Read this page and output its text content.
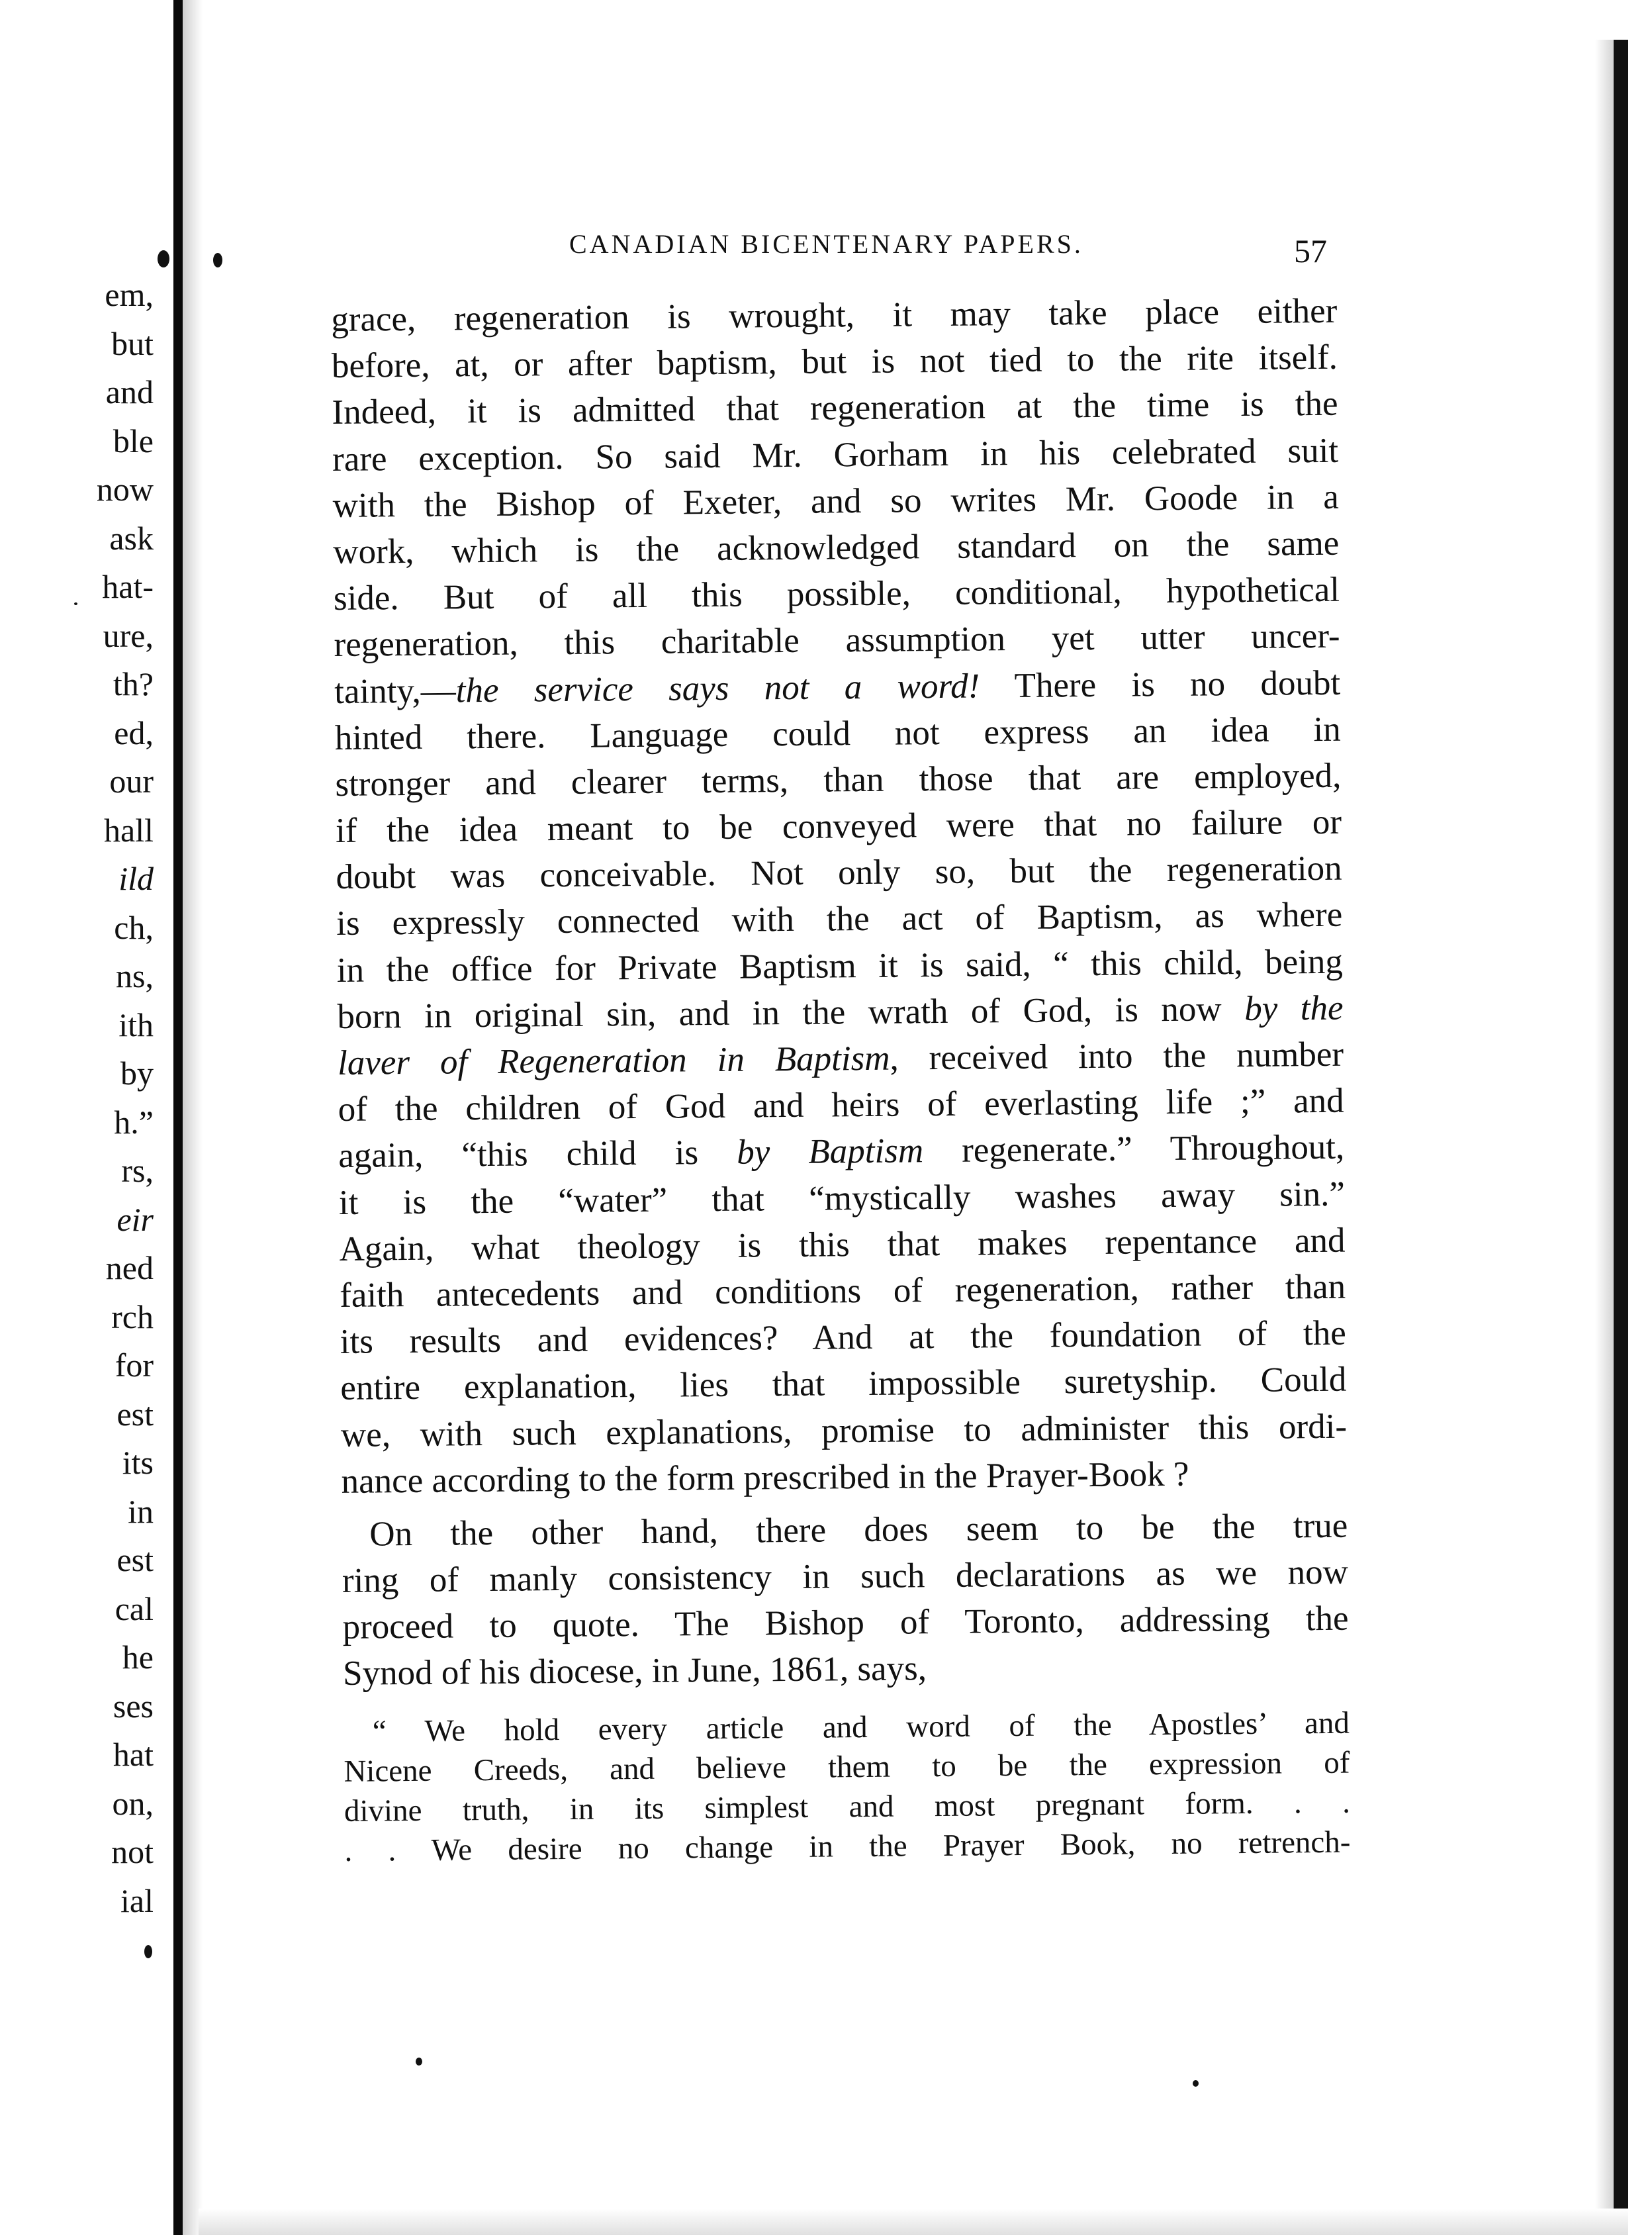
em,
but
and
ble
now
ask
hat-
ure,
th?
ed,
our
hall
ild
ch,
ns,
ith
by
h.”
rs,
eir
ned
rch
for
est
its
in
est
cal
he
ses
hat
on,
not
ial
CANADIAN BICENTENARY PAPERS.	57
grace, regeneration is wrought, it may take place either
before, at, or after baptism, but is not tied to the rite itself.
Indeed, it is admitted that regeneration at the time is the
rare exception. So said Mr. Gorham in his celebrated suit
with the Bishop of Exeter, and so writes Mr. Goode in a
work, which is the acknowledged standard on the same
side. But of all this possible, conditional, hypothetical
regeneration, this charitable assumption yet utter uncer-
tainty,—the service says not a word! There is no doubt
hinted there. Language could not express an idea in
stronger and clearer terms, than those that are employed,
if the idea meant to be conveyed were that no failure or
doubt was conceivable. Not only so, but the regeneration
is expressly connected with the act of Baptism, as where
in the office for Private Baptism it is said, “ this child, being
born in original sin, and in the wrath of God, is now by the
laver of Regeneration in Baptism, received into the number
of the children of God and heirs of everlasting life ;” and
again, “this child is by Baptism regenerate.” Throughout,
it is the “water” that “mystically washes away sin.”
Again, what theology is this that makes repentance and
faith antecedents and conditions of regeneration, rather than
its results and evidences? And at the foundation of the
entire explanation, lies that impossible suretyship. Could
we, with such explanations, promise to administer this ordi-
nance according to the form prescribed in the Prayer-Book ?
On the other hand, there does seem to be the true
ring of manly consistency in such declarations as we now
proceed to quote. The Bishop of Toronto, addressing the
Synod of his diocese, in June, 1861, says,
“ We hold every article and word of the Apostles’ and
Nicene Creeds, and believe them to be the expression of
divine truth, in its simplest and most pregnant form. . .
. . We desire no change in the Prayer Book, no retrench-
